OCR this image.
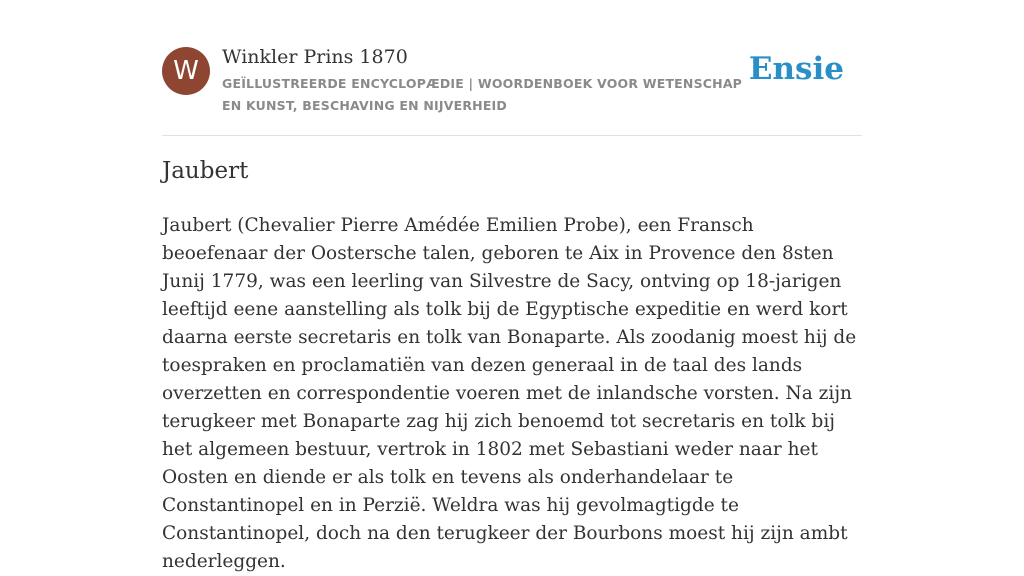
W	Winkler Prins 1870
GEÏLLUSTREERDE ENCYCLOPÆDIE | WOORDENBOEK VOOR WETENSCHAP EN KUNST, BESCHAVING EN NIJVERHEID
Ensie
Jaubert

Jaubert (Chevalier Pierre Amédée Emilien Probe), een Fransch beoefenaar der Oostersche talen, geboren te Aix in Provence den 8sten Junij 1779, was een leerling van Silvestre de Sacy, ontving op 18-jarigen leeftijd eene aanstelling als tolk bij de Egyptische expeditie en werd kort daarna eerste secretaris en tolk van Bonaparte. Als zoodanig moest hij de toespraken en proclamatiën van dezen generaal in de taal des lands overzetten en correspondentie voeren met de inlandsche vorsten. Na zijn terugkeer met Bonaparte zag hij zich benoemd tot secretaris en tolk bij het algemeen bestuur, vertrok in 1802 met Sebastiani weder naar het Oosten en diende er als tolk en tevens als onderhandelaar te Constantinopel en in Perzië. Weldra was hij gevolmagtigde te Constantinopel, doch na den terugkeer der Bourbons moest hij zijn ambt nederleggen.
